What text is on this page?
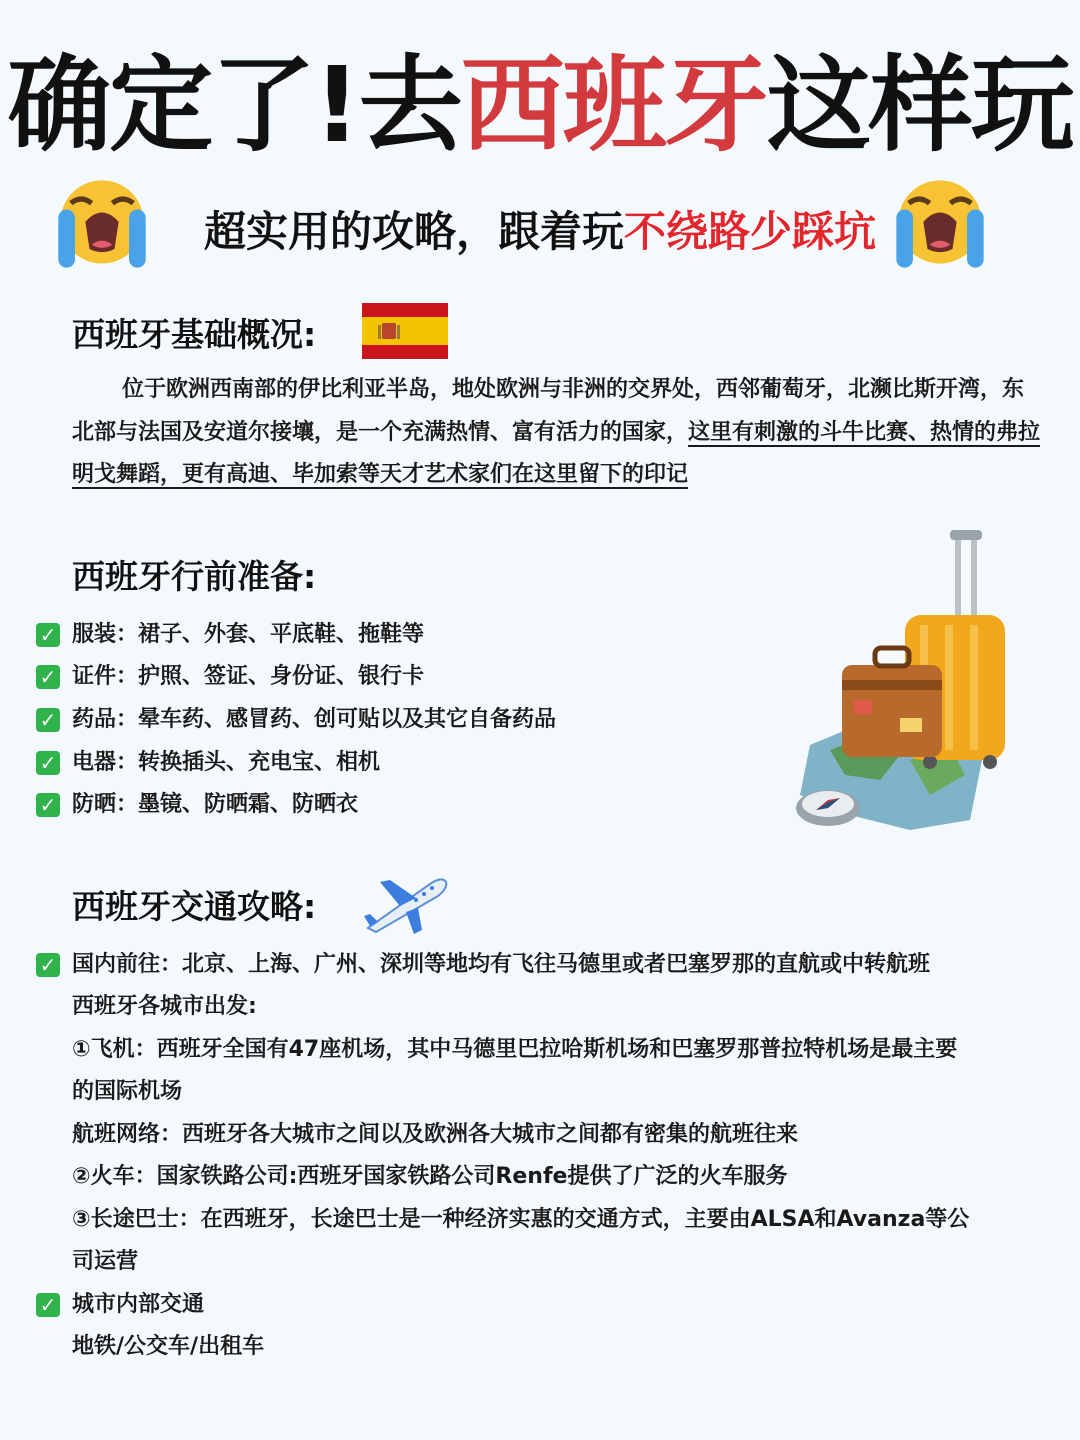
确定了!去西班牙这样玩
超实用的攻略，跟着玩不绕路少踩坑
西班牙基础概况:
位于欧洲西南部的伊比利亚半岛，地处欧洲与非洲的交界处，西邻葡萄牙，北濒比斯开湾，东北部与法国及安道尔接壤，是一个充满热情、富有活力的国家，这里有刺激的斗牛比赛、热情的弗拉明戈舞蹈，更有高迪、毕加索等天才艺术家们在这里留下的印记
西班牙行前准备:
✓ 服装：裙子、外套、平底鞋、拖鞋等
✓ 证件：护照、签证、身份证、银行卡
✓ 药品：晕车药、感冒药、创可贴以及其它自备药品
✓ 电器：转换插头、充电宝、相机
✓ 防晒：墨镜、防晒霜、防晒衣
西班牙交通攻略:
✓ 国内前往：北京、上海、广州、深圳等地均有飞往马德里或者巴塞罗那的直航或中转航班
西班牙各城市出发:
①飞机：西班牙全国有47座机场，其中马德里巴拉哈斯机场和巴塞罗那普拉特机场是最主要
的国际机场
航班网络：西班牙各大城市之间以及欧洲各大城市之间都有密集的航班往来
②火车：国家铁路公司:西班牙国家铁路公司Renfe提供了广泛的火车服务
③长途巴士：在西班牙，长途巴士是一种经济实惠的交通方式，主要由ALSA和Avanza等公
司运营
✓ 城市内部交通
地铁/公交车/出租车
